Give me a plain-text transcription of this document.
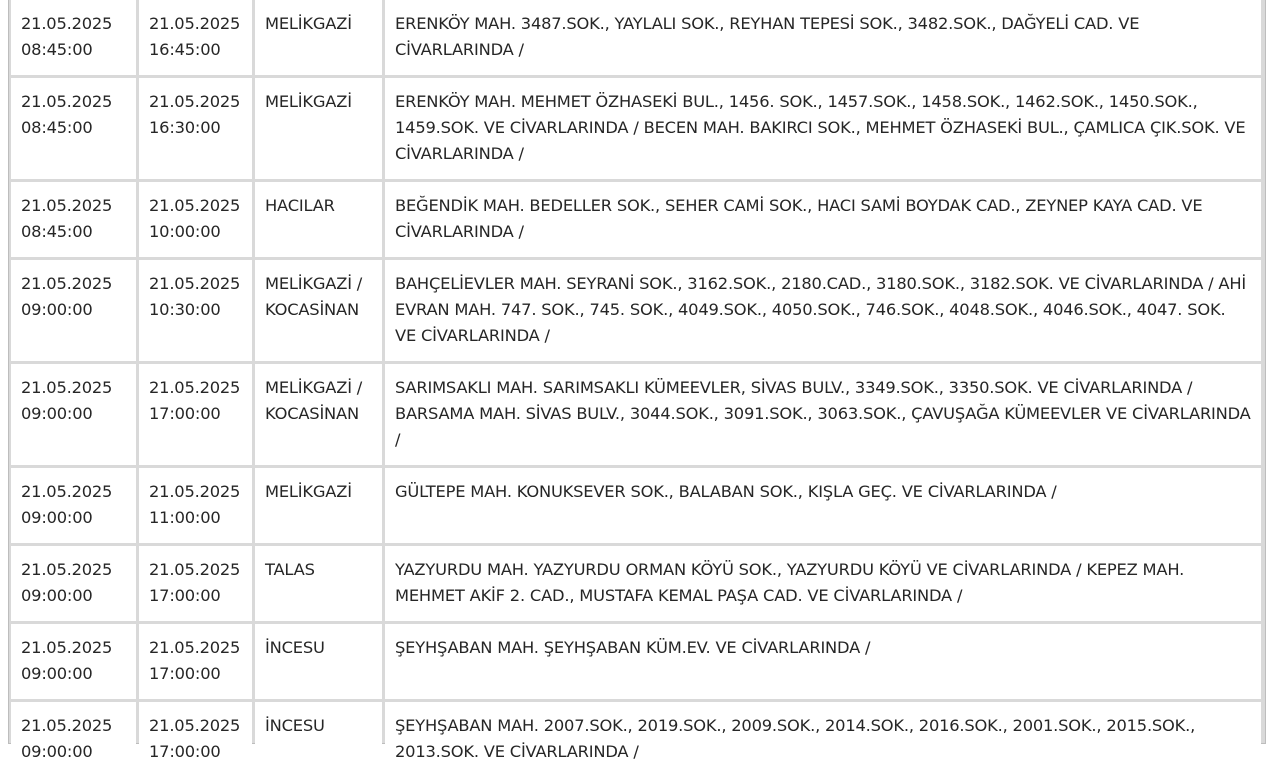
21.05.2025
08:45:00	21.05.2025
16:45:00	MELİKGAZİ	ERENKÖY MAH. 3487.SOK., YAYLALI SOK., REYHAN TEPESİ SOK., 3482.SOK., DAĞYELİ CAD. VE CİVARLARINDA /

21.05.2025
08:45:00	21.05.2025
16:30:00	MELİKGAZİ	ERENKÖY MAH. MEHMET ÖZHASEKİ BUL., 1456. SOK., 1457.SOK., 1458.SOK., 1462.SOK., 1450.SOK., 1459.SOK. VE CİVARLARINDA / BECEN MAH. BAKIRCI SOK., MEHMET ÖZHASEKİ BUL., ÇAMLICA ÇIK.SOK. VE CİVARLARINDA /

21.05.2025
08:45:00	21.05.2025
10:00:00	HACILAR	BEĞENDİK MAH. BEDELLER SOK., SEHER CAMİ SOK., HACI SAMİ BOYDAK CAD., ZEYNEP KAYA CAD. VE CİVARLARINDA /

21.05.2025
09:00:00	21.05.2025
10:30:00	MELİKGAZİ / KOCASİNAN	BAHÇELİEVLER MAH. SEYRANİ SOK., 3162.SOK., 2180.CAD., 3180.SOK., 3182.SOK. VE CİVARLARINDA / AHİ EVRAN MAH. 747. SOK., 745. SOK., 4049.SOK., 4050.SOK., 746.SOK., 4048.SOK., 4046.SOK., 4047. SOK. VE CİVARLARINDA /

21.05.2025
09:00:00	21.05.2025
17:00:00	MELİKGAZİ / KOCASİNAN	SARIMSAKLI MAH. SARIMSAKLI KÜMEEVLER, SİVAS BULV., 3349.SOK., 3350.SOK. VE CİVARLARINDA / BARSAMA MAH. SİVAS BULV., 3044.SOK., 3091.SOK., 3063.SOK., ÇAVUŞAĞA KÜMEEVLER VE CİVARLARINDA /

21.05.2025
09:00:00	21.05.2025
11:00:00	MELİKGAZİ	GÜLTEPE MAH. KONUKSEVER SOK., BALABAN SOK., KIŞLA GEÇ. VE CİVARLARINDA /

21.05.2025
09:00:00	21.05.2025
17:00:00	TALAS	YAZYURDU MAH. YAZYURDU ORMAN KÖYÜ SOK., YAZYURDU KÖYÜ VE CİVARLARINDA / KEPEZ MAH. MEHMET AKİF 2. CAD., MUSTAFA KEMAL PAŞA CAD. VE CİVARLARINDA /

21.05.2025
09:00:00	21.05.2025
17:00:00	İNCESU	ŞEYHŞABAN MAH. ŞEYHŞABAN KÜM.EV. VE CİVARLARINDA /

21.05.2025
09:00:00	21.05.2025
17:00:00	İNCESU	ŞEYHŞABAN MAH. 2007.SOK., 2019.SOK., 2009.SOK., 2014.SOK., 2016.SOK., 2001.SOK., 2015.SOK., 2013.SOK. VE CİVARLARINDA /
